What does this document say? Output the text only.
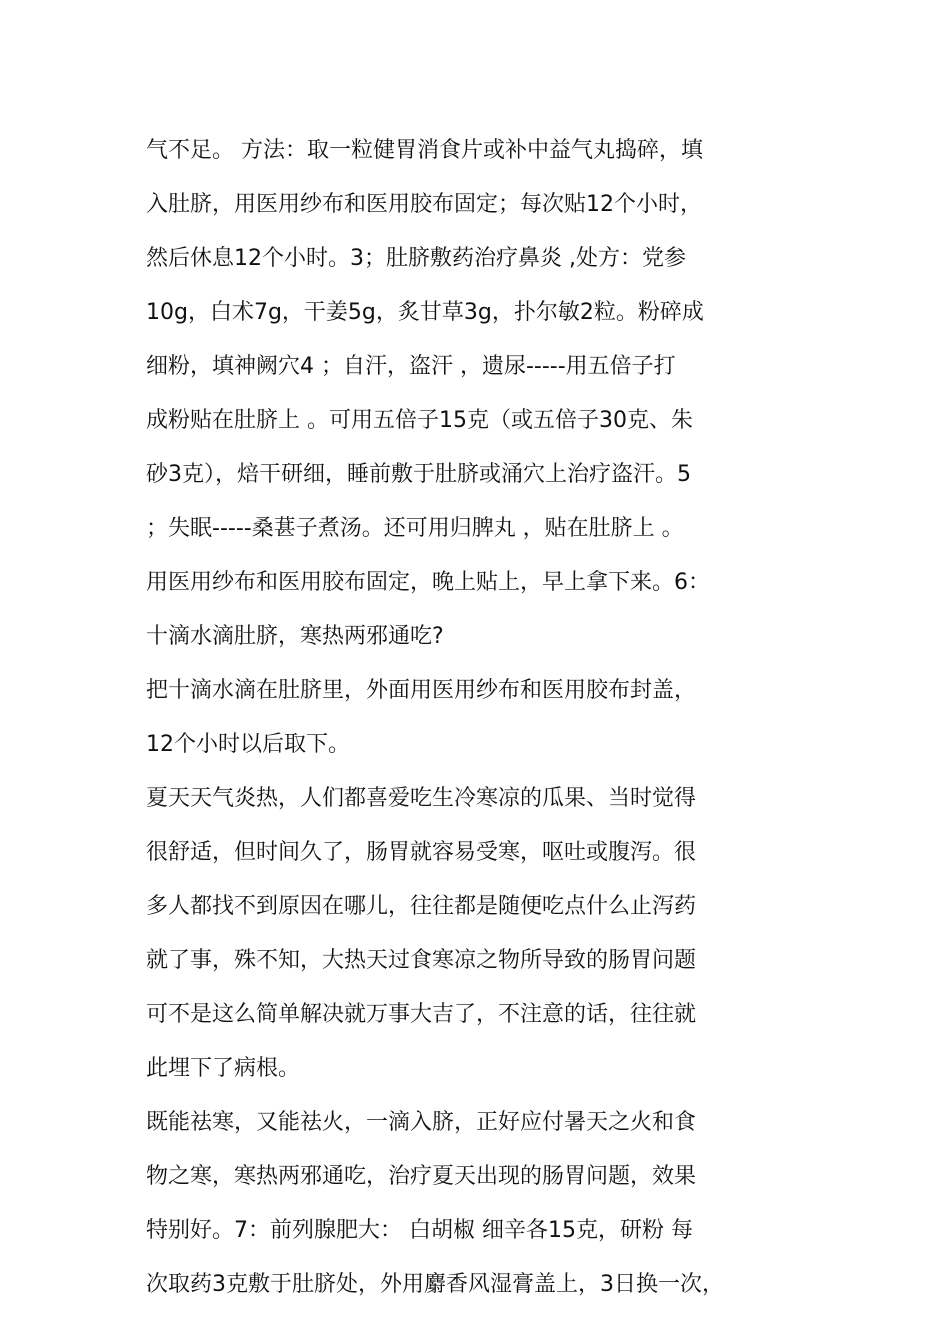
气不足。 方法：取一粒健胃消食片或补中益气丸捣碎，填
入肚脐，用医用纱布和医用胶布固定；每次贴12个小时，
然后休息12个小时。3；肚脐敷药治疗鼻炎 ,处方：党参
10g，白术7g，干姜5g，炙甘草3g，扑尔敏2粒。粉碎成
细粉，填神阙穴4 ；自汗，盗汗 ，遗尿-----用五倍子打
成粉贴在肚脐上 。可用五倍子15克（或五倍子30克、朱
砂3克），焙干研细，睡前敷于肚脐或涌穴上治疗盗汗。5
；失眠-----桑葚子煮汤。还可用归脾丸 ，贴在肚脐上 。
用医用纱布和医用胶布固定，晚上贴上，早上拿下来。6：
十滴水滴肚脐，寒热两邪通吃?
把十滴水滴在肚脐里，外面用医用纱布和医用胶布封盖，
12个小时以后取下。
夏天天气炎热，人们都喜爱吃生冷寒凉的瓜果、当时觉得
很舒适，但时间久了，肠胃就容易受寒，呕吐或腹泻。很
多人都找不到原因在哪儿，往往都是随便吃点什么止泻药
就了事，殊不知，大热天过食寒凉之物所导致的肠胃问题
可不是这么简单解决就万事大吉了，不注意的话，往往就
此埋下了病根。
既能祛寒，又能祛火，一滴入脐，正好应付暑天之火和食
物之寒，寒热两邪通吃，治疗夏天出现的肠胃问题，效果
特别好。7：前列腺肥大： 白胡椒 细辛各15克，研粉 每
次取药3克敷于肚脐处，外用麝香风湿膏盖上，3日换一次，
